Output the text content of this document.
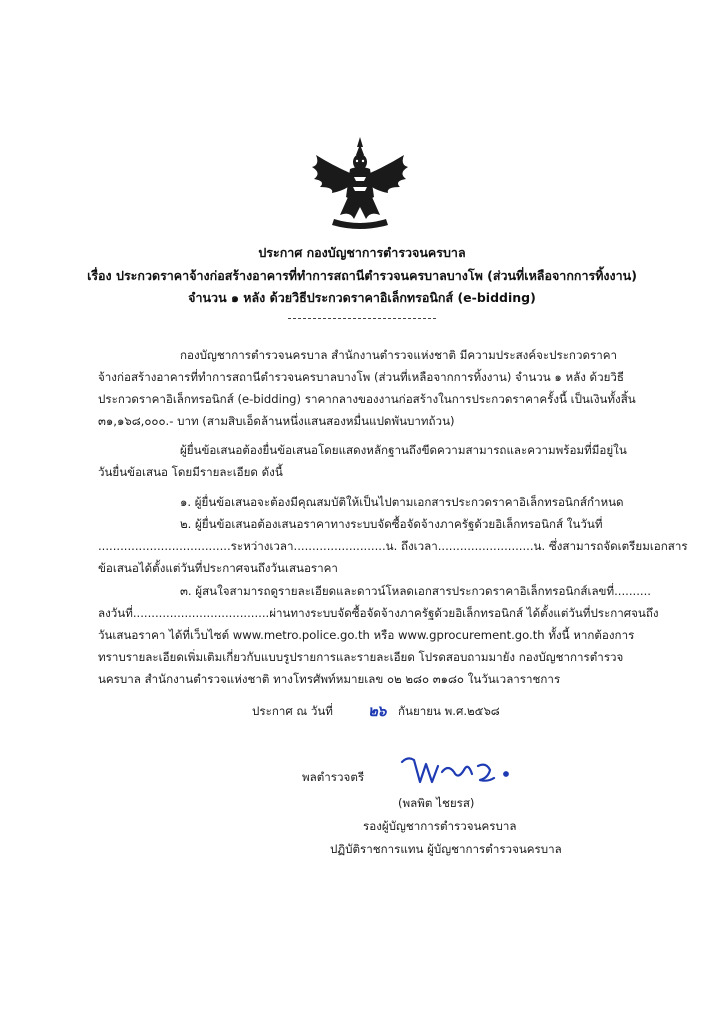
ประกาศ กองบัญชาการตำรวจนครบาล
เรื่อง ประกวดราคาจ้างก่อสร้างอาคารที่ทำการสถานีตำรวจนครบาลบางโพ (ส่วนที่เหลือจากการทิ้งงาน)
จำนวน ๑ หลัง ด้วยวิธีประกวดราคาอิเล็กทรอนิกส์ (e-bidding)
กองบัญชาการตำรวจนครบาล สำนักงานตำรวจแห่งชาติ มีความประสงค์จะประกวดราคา
จ้างก่อสร้างอาคารที่ทำการสถานีตำรวจนครบาลบางโพ (ส่วนที่เหลือจากการทิ้งงาน) จำนวน ๑ หลัง ด้วยวิธี
ประกวดราคาอิเล็กทรอนิกส์ (e-bidding) ราคากลางของงานก่อสร้างในการประกวดราคาครั้งนี้ เป็นเงินทั้งสิ้น
๓๑,๑๖๘,๐๐๐.- บาท (สามสิบเอ็ดล้านหนึ่งแสนสองหมื่นแปดพันบาทถ้วน)
ผู้ยื่นข้อเสนอต้องยื่นข้อเสนอโดยแสดงหลักฐานถึงขีดความสามารถและความพร้อมที่มีอยู่ใน
วันยื่นข้อเสนอ โดยมีรายละเอียด ดังนี้
๑. ผู้ยื่นข้อเสนอจะต้องมีคุณสมบัติให้เป็นไปตามเอกสารประกวดราคาอิเล็กทรอนิกส์กำหนด
๒. ผู้ยื่นข้อเสนอต้องเสนอราคาทางระบบจัดซื้อจัดจ้างภาครัฐด้วยอิเล็กทรอนิกส์ ในวันที่
....................................ระหว่างเวลา.........................น. ถึงเวลา..........................น. ซึ่งสามารถจัดเตรียมเอกสาร
ข้อเสนอได้ตั้งแต่วันที่ประกาศจนถึงวันเสนอราคา
๓. ผู้สนใจสามารถดูรายละเอียดและดาวน์โหลดเอกสารประกวดราคาอิเล็กทรอนิกส์เลขที่..........
ลงวันที่.....................................ผ่านทางระบบจัดซื้อจัดจ้างภาครัฐด้วยอิเล็กทรอนิกส์ ได้ตั้งแต่วันที่ประกาศจนถึง
วันเสนอราคา ได้ที่เว็บไซต์ www.metro.police.go.th หรือ www.gprocurement.go.th ทั้งนี้ หากต้องการ
ทราบรายละเอียดเพิ่มเติมเกี่ยวกับแบบรูปรายการและรายละเอียด โปรดสอบถามมายัง กองบัญชาการตำรวจ
นครบาล สำนักงานตำรวจแห่งชาติ ทางโทรศัพท์หมายเลข ๐๒ ๒๘๐ ๓๑๘๐ ในวันเวลาราชการ
ประกาศ ณ วันที่ ๒๖ กันยายน พ.ศ.๒๕๖๘
พลตำรวจตรี
(พลพิต ไชยรส)
รองผู้บัญชาการตำรวจนครบาล
ปฏิบัติราชการแทน ผู้บัญชาการตำรวจนครบาล
